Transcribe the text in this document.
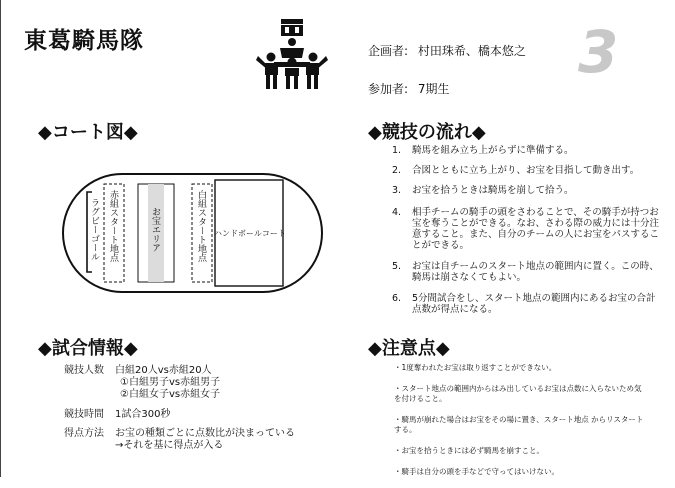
東葛騎馬隊	企画者: 村田珠希、橋本悠之
参加者: 7期生
3
◆コート図◆
ラグビーゴール 赤組スタート地点	お宝エリア	白組スタート地点 ハンドボールコート
◆競技の流れ◆
1. 騎馬を組み立ち上がらずに準備する。
2. 合図とともに立ち上がり、お宝を目指して動き出す。
3. お宝を拾うときは騎馬を崩して拾う。
4. 相手チームの騎手の頭をさわることで、その騎手が持つお宝を奪うことができる。なお、さわる際の威力には十分注意すること。また、自分のチームの人にお宝をパスすることができる。
5. お宝は自チームのスタート地点の範囲内に置く。この時、騎馬は崩さなくてもよい。
6. 5分間試合をし、スタート地点の範囲内にあるお宝の合計点数が得点になる。
◆試合情報◆
競技人数 白組20人vs赤組20人
①白組男子vs赤組男子
②白組女子vs赤組女子
競技時間 1試合300秒
得点方法 お宝の種類ごとに点数比が決まっている
→それを基に得点が入る
◆注意点◆
・1度奪われたお宝は取り返すことができない。
・スタート地点の範囲内からはみ出しているお宝は点数に入らないため気を付けること。
・騎馬が崩れた場合はお宝をその場に置き、スタート地点 からリスタートする。
・お宝を拾うときには必ず騎馬を崩すこと。
・騎手は自分の頭を手などで守ってはいけない。
